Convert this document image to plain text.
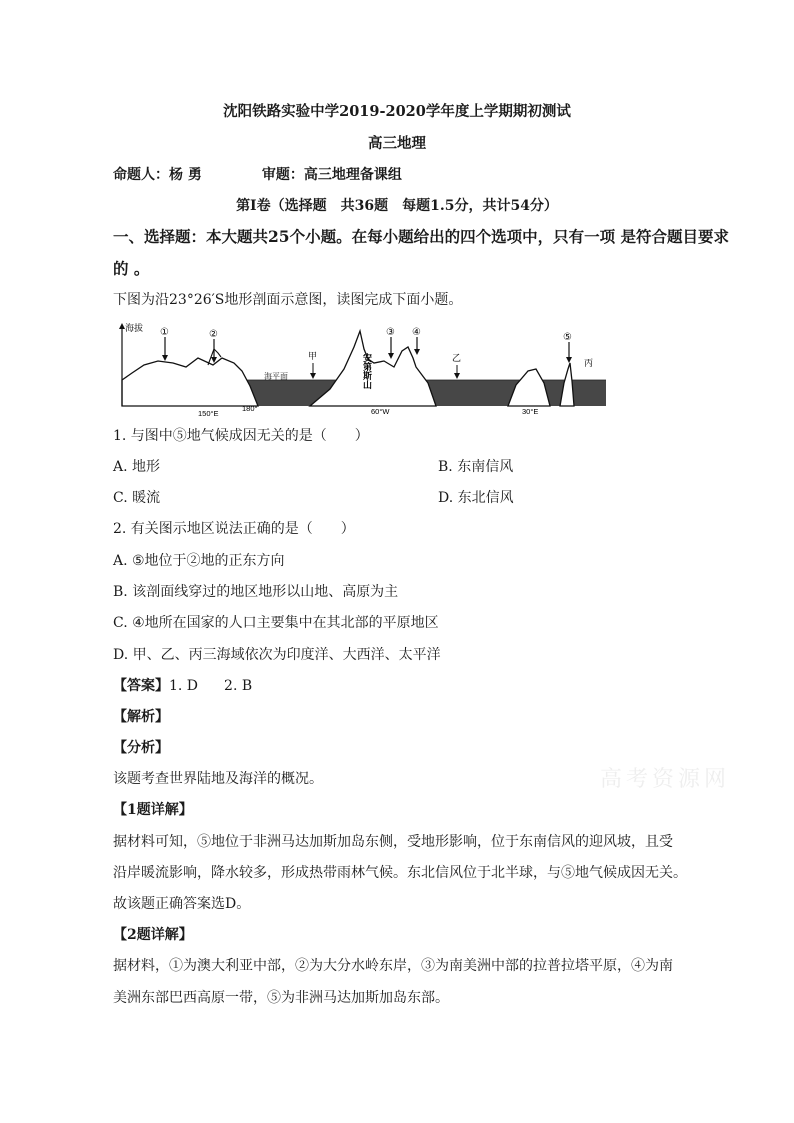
沈阳铁路实验中学2019-2020学年度上学期期初测试
高三地理
命题人：杨 勇	审题：高三地理备课组
第Ⅰ卷（选择题　共36题　每题1.5分，共计54分）
一、选择题：本大题共25个小题。在每小题给出的四个选项中，只有一项 是符合题目要求
的 。
下图为沿23°26′S地形剖面示意图，读图完成下面小题。
海拔
海平面
①	②	③ ④	⑤
甲	乙	丙
安第斯山
150°E
180°	60°W	30°E
1. 与图中⑤地气候成因无关的是（　　）
A. 地形	B. 东南信风
C. 暖流	D. 东北信风
2. 有关图示地区说法正确的是（　　）
A. ⑤地位于②地的正东方向
B. 该剖面线穿过的地区地形以山地、高原为主
C. ④地所在国家的人口主要集中在其北部的平原地区
D. 甲、乙、丙三海域依次为印度洋、大西洋、太平洋
【答案】1. D 2. B
【解析】
【分析】
该题考查世界陆地及海洋的概况。	高考资源网
【1题详解】
据材料可知，⑤地位于非洲马达加斯加岛东侧，受地形影响，位于东南信风的迎风坡，且受
沿岸暖流影响，降水较多，形成热带雨林气候。东北信风位于北半球，与⑤地气候成因无关。
故该题正确答案选D。
【2题详解】
据材料，①为澳大利亚中部，②为大分水岭东岸，③为南美洲中部的拉普拉塔平原，④为南
美洲东部巴西高原一带，⑤为非洲马达加斯加岛东部。
